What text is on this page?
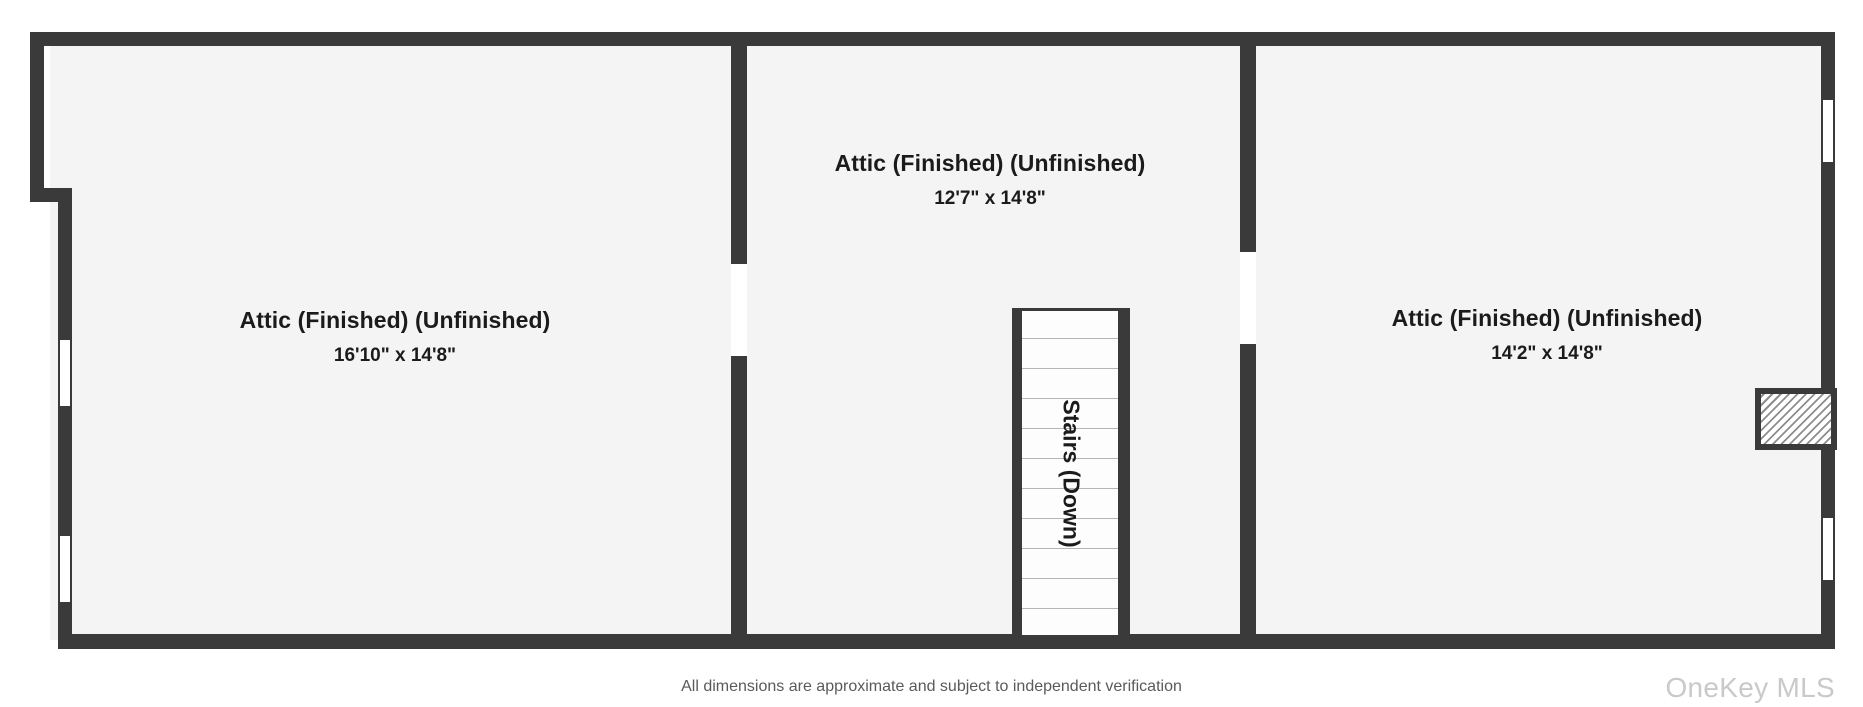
Stairs (Down)
Attic (Finished) (Unfinished)
16'10" x 14'8"
Attic (Finished) (Unfinished)
12'7" x 14'8"
Attic (Finished) (Unfinished)
14'2" x 14'8"
All dimensions are approximate and subject to independent verification	OneKey MLS
